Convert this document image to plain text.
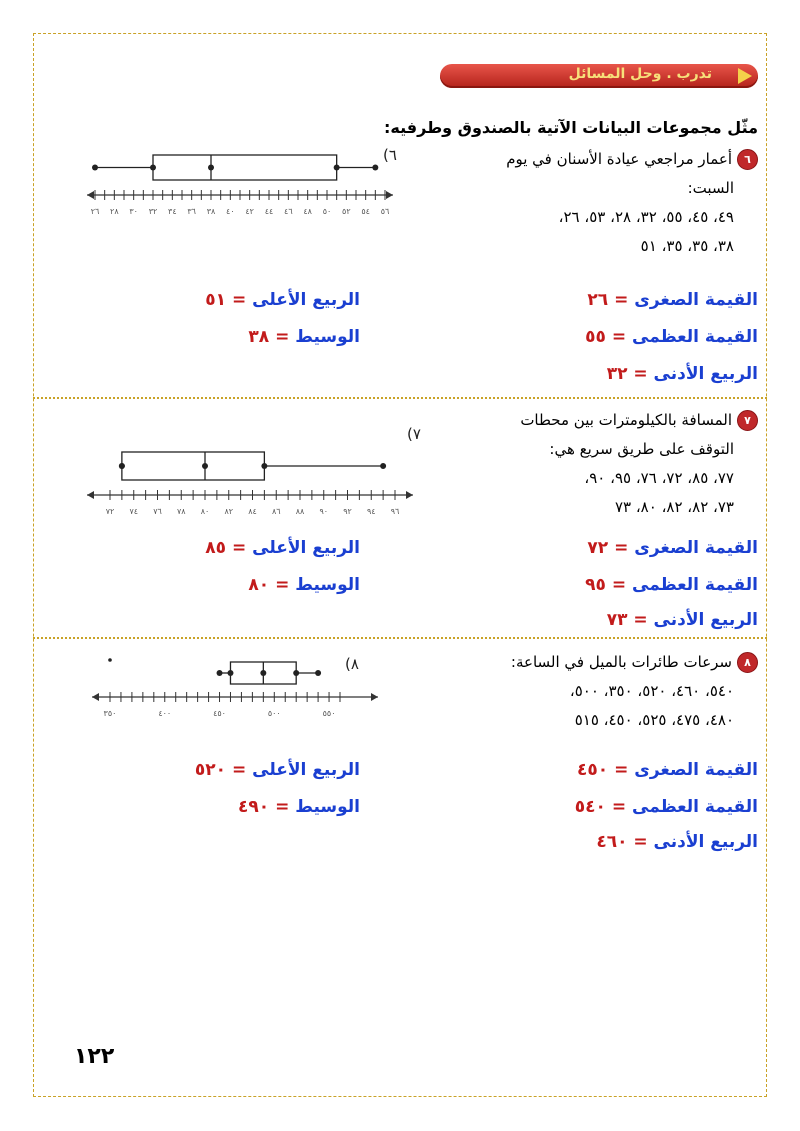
تدرب . وحل المسائل
مثّل مجموعات البيانات الآتية بالصندوق وطرفيه:
٦أعمار مراجعي عيادة الأسنان في يوم
السبت:
٤٩، ٤٥، ٥٥، ٣٢، ٢٨، ٥٣، ٢٦،
٣٨، ٣٥، ٣٥، ٥١
(٦
٢٦ ٢٨ ٣٠ ٣٢ ٣٤ ٣٦ ٣٨ ٤٠ ٤٢ ٤٤ ٤٦ ٤٨ ٥٠ ٥٢ ٥٤ ٥٦
القيمة الصغرى = ٢٦
القيمة العظمى = ٥٥
الربيع الأدنى = ٣٢
الربيع الأعلى = ٥١
الوسيط = ٣٨
٧المسافة بالكيلومترات بين محطات
التوقف على طريق سريع هي:
٧٧، ٨٥، ٧٢، ٧٦، ٩٥، ٩٠،
٧٣، ٨٢، ٨٢، ٨٠، ٧٣
(٧
٧٢ ٧٤ ٧٦ ٧٨ ٨٠ ٨٢ ٨٤ ٨٦ ٨٨ ٩٠ ٩٢ ٩٤ ٩٦
القيمة الصغرى = ٧٢
القيمة العظمى = ٩٥
الربيع الأدنى = ٧٣
الربيع الأعلى = ٨٥
الوسيط = ٨٠
٨سرعات طائرات بالميل في الساعة:
٥٤٠، ٤٦٠، ٥٢٠، ٣٥٠، ٥٠٠،
٤٨٠، ٤٧٥، ٥٢٥، ٤٥٠، ٥١٥
(٨
٣٥٠	٤٠٠	٤٥٠	٥٠٠	٥٥٠
القيمة الصغرى = ٤٥٠
القيمة العظمى = ٥٤٠
الربيع الأدنى = ٤٦٠
الربيع الأعلى = ٥٢٠
الوسيط = ٤٩٠
١٢٢
